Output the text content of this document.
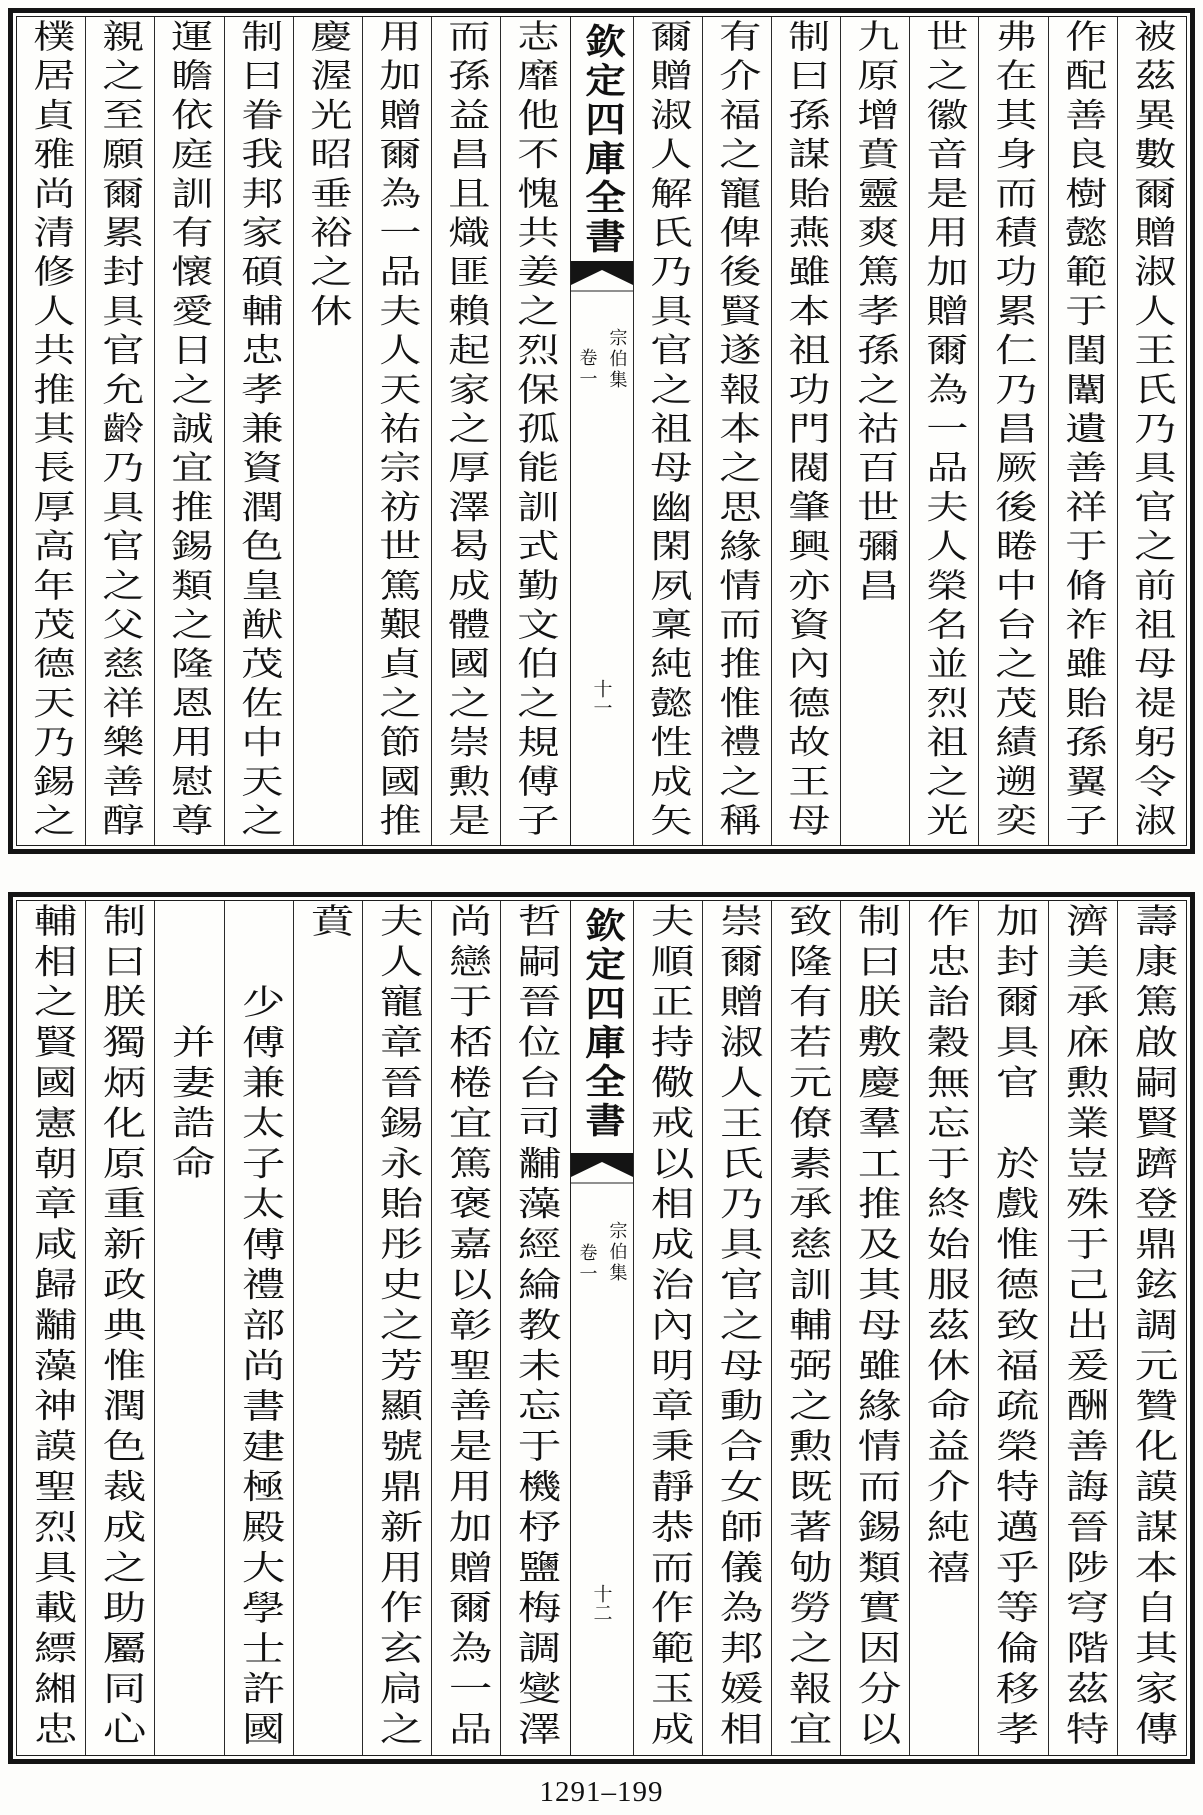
被茲異數爾贈淑人王氏乃具官之前祖母禔躬令淑
作配善良樹懿範于閨闈遺善祥于脩祚雖貽孫翼子
弗在其身而積功累仁乃昌厥後睠中台之茂績遡奕
世之徽音是用加贈爾為一品夫人榮名並烈祖之光
九原增賁靈爽篤孝孫之祜百世彌昌
制曰孫謀貽燕雖本祖功門閥肇興亦資內德故王母
有介福之寵俾後賢遂報本之思緣情而推惟禮之稱
爾贈淑人解氏乃具官之祖母幽閑夙稟純懿性成矢
欽定四庫全書
宗伯集
卷一
十一
志靡他不愧共姜之烈保孤能訓式勤文伯之規傅子
而孫益昌且熾匪賴起家之厚澤曷成體國之崇勲是
用加贈爾為一品夫人天祐宗祊世篤艱貞之節國推
慶渥光昭垂裕之休
制曰眷我邦家碩輔忠孝兼資潤色皇猷茂佐中天之
運瞻依庭訓有懷愛日之誠宜推錫類之隆恩用慰尊
親之至願爾累封具官允齡乃具官之父慈祥樂善醇
樸居貞雅尚清修人共推其長厚高年茂德天乃錫之
壽康篤啟嗣賢躋登鼎鉉調元贊化謨謀本自其家傳
濟美承庥勲業豈殊于己出爰酬善誨晉陟穹階茲特
加封爾具官　於戲惟德致福疏榮特邁乎等倫移孝
作忠詒穀無忘于終始服茲休命益介純禧
制曰朕敷慶羣工推及其母雖緣情而錫類實因分以
致隆有若元僚素承慈訓輔弼之勲既著劬勞之報宜
崇爾贈淑人王氏乃具官之母動合女師儀為邦媛相
夫順正持儆戒以相成治內明章秉靜恭而作範玉成
欽定四庫全書
宗伯集
卷一
十二
哲嗣晉位台司黼藻經綸教未忘于機杼鹽梅調燮澤
尚戀于桮棬宜篤褒嘉以彰聖善是用加贈爾為一品
夫人寵章晉錫永貽彤史之芳顯號鼎新用作玄扃之
賁
少傅兼太子太傅禮部尚書建極殿大學士許國
并妻誥命
制曰朕獨炳化原重新政典惟潤色裁成之助屬同心
輔相之賢國憲朝章咸歸黼藻神謨聖烈具載縹緗忠
1291–199
